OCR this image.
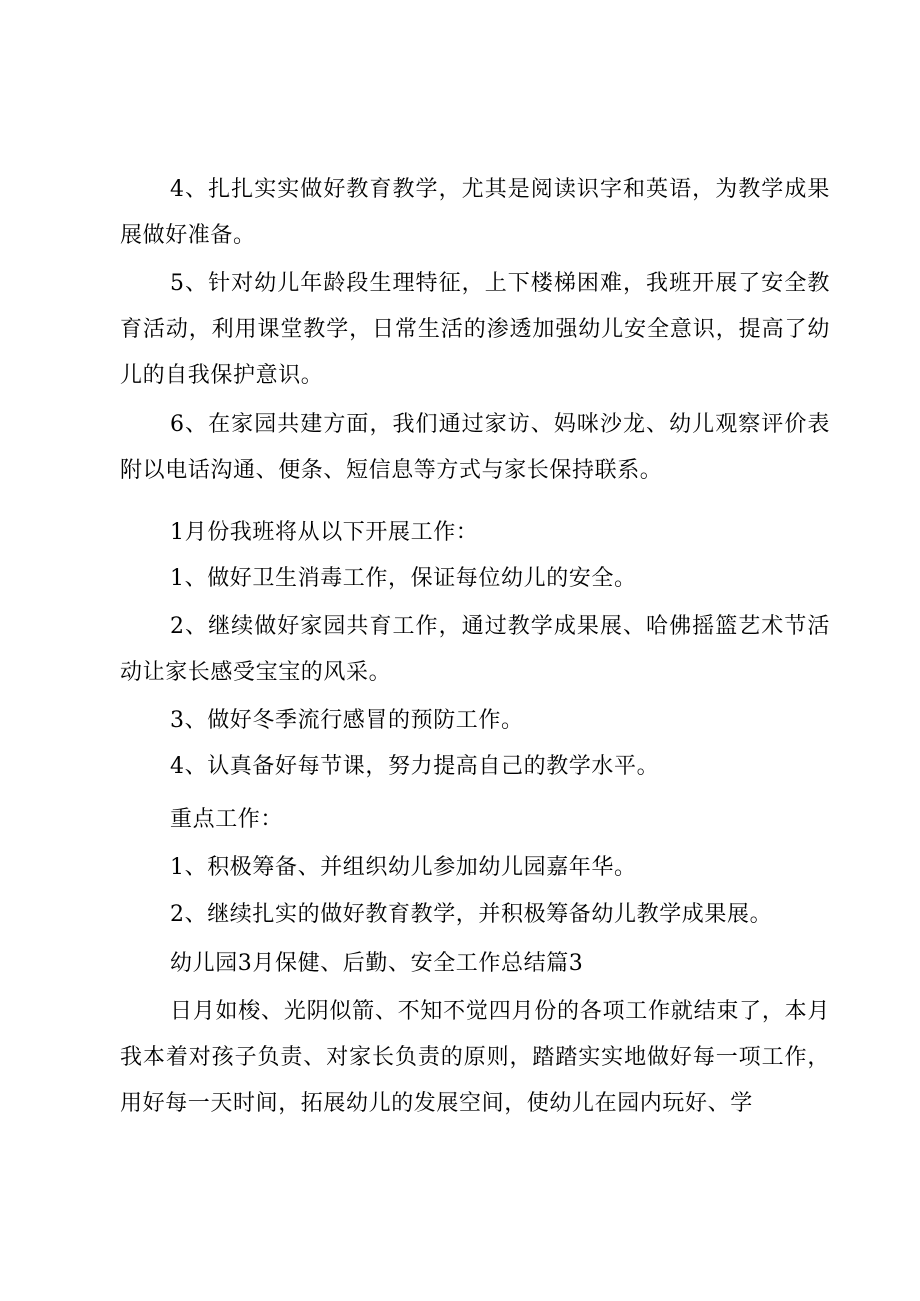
4、扎扎实实做好教育教学，尤其是阅读识字和英语，为教学成果展做好准备。

5、针对幼儿年龄段生理特征，上下楼梯困难，我班开展了安全教育活动，利用课堂教学，日常生活的渗透加强幼儿安全意识，提高了幼儿的自我保护意识。

6、在家园共建方面，我们通过家访、妈咪沙龙、幼儿观察评价表附以电话沟通、便条、短信息等方式与家长保持联系。

1月份我班将从以下开展工作：

1、做好卫生消毒工作，保证每位幼儿的安全。

2、继续做好家园共育工作，通过教学成果展、哈佛摇篮艺术节活动让家长感受宝宝的风采。

3、做好冬季流行感冒的预防工作。

4、认真备好每节课，努力提高自己的教学水平。

重点工作：

1、积极筹备、并组织幼儿参加幼儿园嘉年华。

2、继续扎实的做好教育教学，并积极筹备幼儿教学成果展。

幼儿园3月保健、后勤、安全工作总结篇3

日月如梭、光阴似箭、不知不觉四月份的各项工作就结束了，本月我本着对孩子负责、对家长负责的原则，踏踏实实地做好每一项工作，用好每一天时间，拓展幼儿的发展空间，使幼儿在园内玩好、学
